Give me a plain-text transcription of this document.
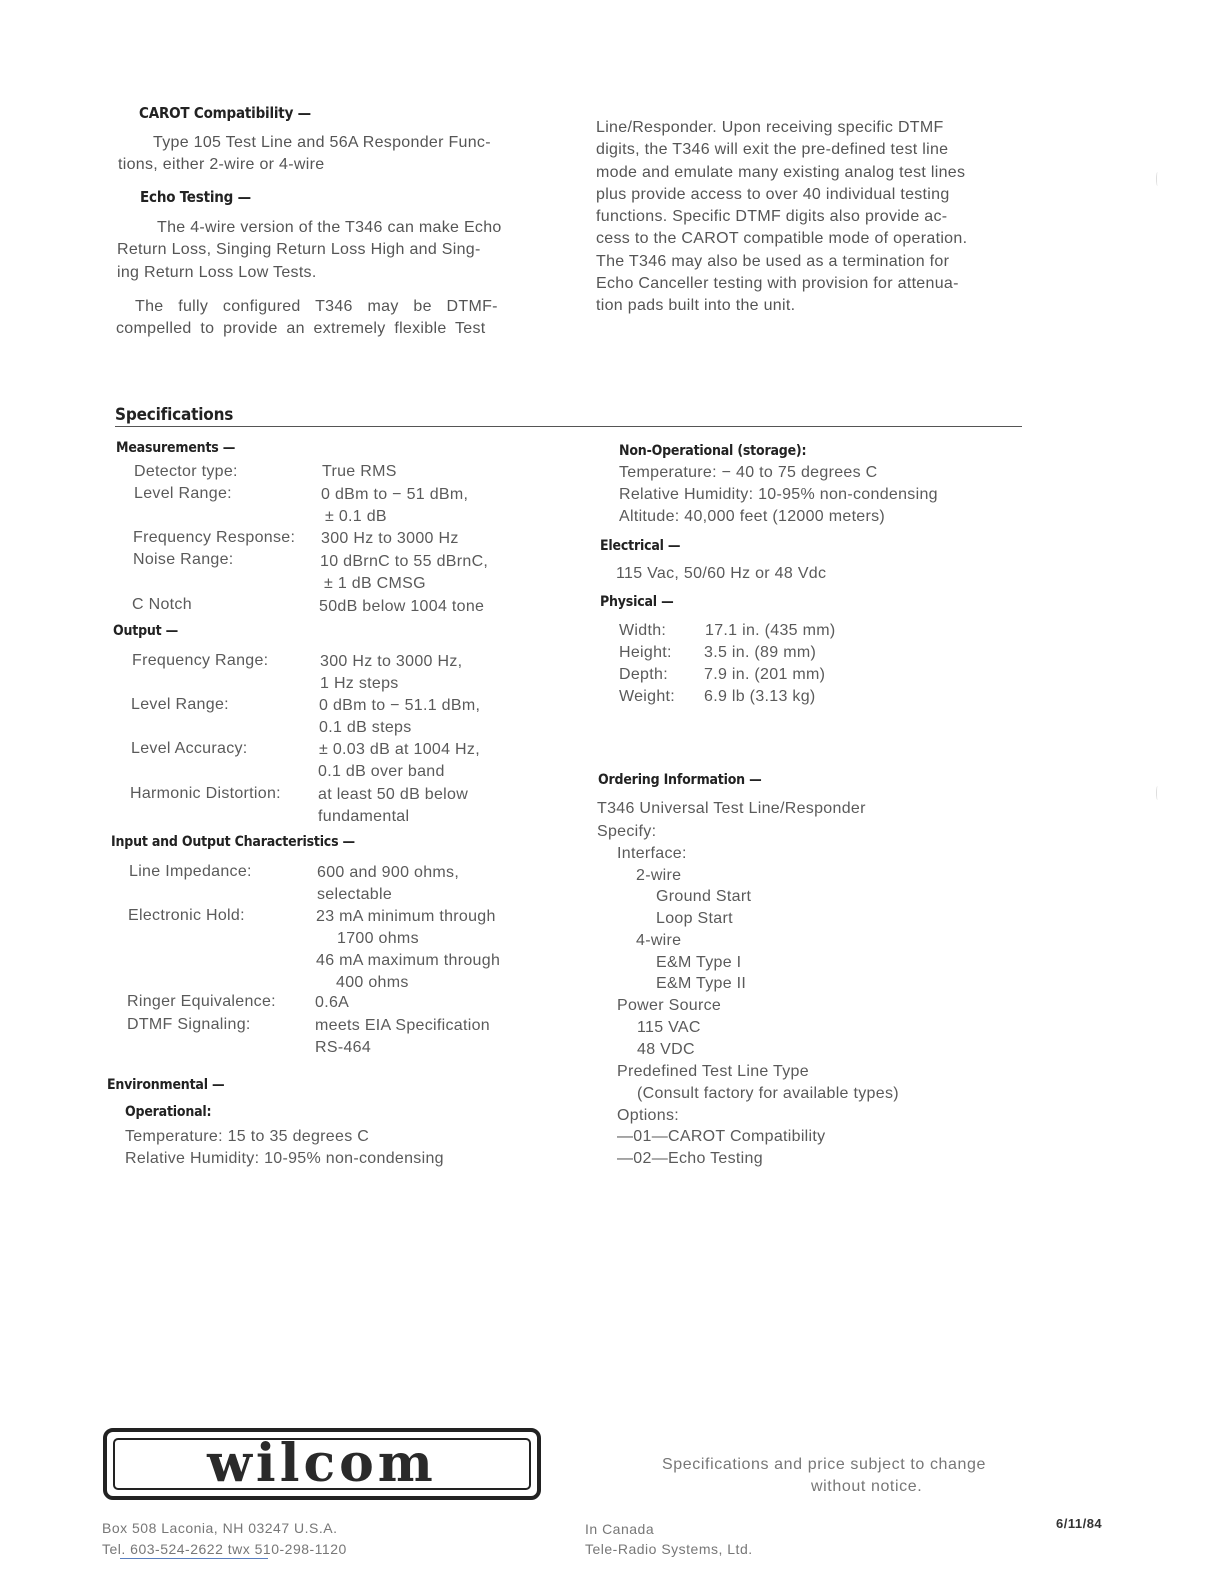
CAROT Compatibility —
Type 105 Test Line and 56A Responder Func-
tions, either 2-wire or 4-wire
Echo Testing —
The 4-wire version of the T346 can make Echo
Return Loss, Singing Return Loss High and Sing-
ing Return Loss Low Tests.
The fully configured T346 may be DTMF-
compelled to provide an extremely flexible Test
Line/Responder. Upon receiving specific DTMF
digits, the T346 will exit the pre-defined test line
mode and emulate many existing analog test lines
plus provide access to over 40 individual testing
functions. Specific DTMF digits also provide ac-
cess to the CAROT compatible mode of operation.
The T346 may also be used as a termination for
Echo Canceller testing with provision for attenua-
tion pads built into the unit.
Specifications
Measurements —
Detector type:	True RMS
Level Range:	0 dBm to − 51 dBm,
± 0.1 dB
Frequency Response: 300 Hz to 3000 Hz
Noise Range:	10 dBrnC to 55 dBrnC,
± 1 dB CMSG
C Notch	50dB below 1004 tone
Output —
Frequency Range:	300 Hz to 3000 Hz,
1 Hz steps
Level Range:	0 dBm to − 51.1 dBm,
0.1 dB steps
Level Accuracy:	± 0.03 dB at 1004 Hz,
0.1 dB over band
Harmonic Distortion: at least 50 dB below
fundamental
Input and Output Characteristics —
Line Impedance:	600 and 900 ohms,
selectable
Electronic Hold:	23 mA minimum through
1700 ohms
46 mA maximum through
400 ohms
Ringer Equivalence: 0.6A
DTMF Signaling:	meets EIA Specification
RS-464
Environmental —
Operational:
Temperature: 15 to 35 degrees C
Relative Humidity: 10-95% non-condensing
Non-Operational (storage):
Temperature: − 40 to 75 degrees C
Relative Humidity: 10-95% non-condensing
Altitude: 40,000 feet (12000 meters)
Electrical —
115 Vac, 50/60 Hz or 48 Vdc
Physical —
Width: 17.1 in. (435 mm)
Height: 3.5 in. (89 mm)
Depth: 7.9 in. (201 mm)
Weight: 6.9 lb (3.13 kg)
Ordering Information —
T346 Universal Test Line/Responder
Specify:
Interface:
2-wire
Ground Start
Loop Start
4-wire
E&M Type I
E&M Type II
Power Source
115 VAC
48 VDC
Predefined Test Line Type
(Consult factory for available types)
Options:
—01—CAROT Compatibility
—02—Echo Testing
wilcom	Specifications and price subject to change
without notice.
Box 508 Laconia, NH 03247 U.S.A.
Tel. 603-524-2622 twx 510-298-1120
In Canada
Tele-Radio Systems, Ltd.
6/11/84
